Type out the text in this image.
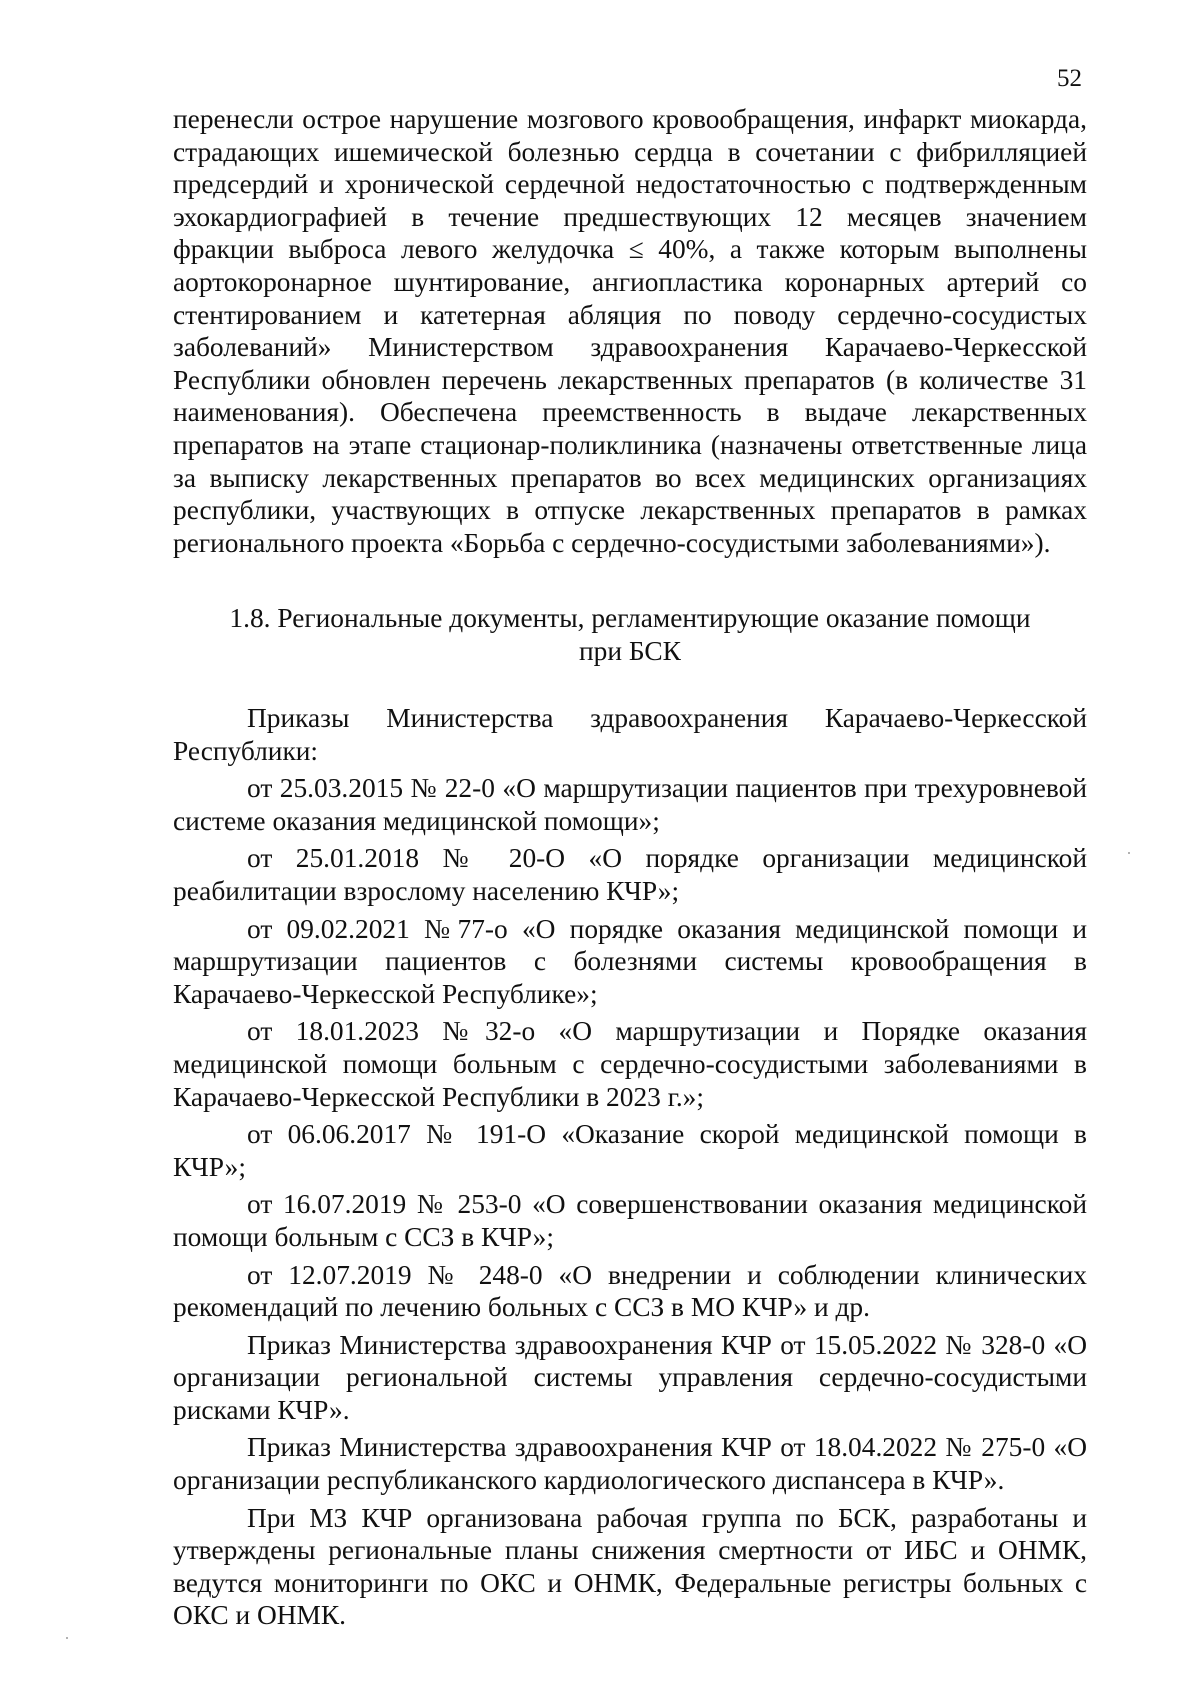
52

перенесли острое нарушение мозгового кровообращения, инфаркт миокарда, страдающих ишемической болезнью сердца в сочетании с фибрилляцией предсердий и хронической сердечной недостаточностью с подтвержденным эхокардиографией в течение предшествующих 12 месяцев значением фракции выброса левого желудочка ≤ 40%, а также которым выполнены аортокоронарное шунтирование, ангиопластика коронарных артерий со стентированием и катетерная абляция по поводу сердечно-сосудистых заболеваний» Министерством здравоохранения Карачаево-Черкесской Республики обновлен перечень лекарственных препаратов (в количестве 31 наименования). Обеспечена преемственность в выдаче лекарственных препаратов на этапе стационар-поликлиника (назначены ответственные лица за выписку лекарственных препаратов во всех медицинских организациях республики, участвующих в отпуске лекарственных препаратов в рамках регионального проекта «Борьба с сердечно-сосудистыми заболеваниями»).

1.8. Региональные документы, регламентирующие оказание помощи
при БСК

Приказы Министерства здравоохранения Карачаево-Черкесской Республики:

от 25.03.2015 № 22-0 «О маршрутизации пациентов при трехуровневой системе оказания медицинской помощи»;

от 25.01.2018 № 20-О «О порядке организации медицинской реабилитации взрослому населению КЧР»;

от 09.02.2021 №77-о «О порядке оказания медицинской помощи и маршрутизации пациентов с болезнями системы кровообращения в Карачаево-Черкесской Республике»;

от 18.01.2023 №32-о «О маршрутизации и Порядке оказания медицинской помощи больным с сердечно-сосудистыми заболеваниями в Карачаево-Черкесской Республики в 2023 г.»;

от 06.06.2017 № 191-О «Оказание скорой медицинской помощи в КЧР»;

от 16.07.2019 № 253-0 «О совершенствовании оказания медицинской помощи больным с ССЗ в КЧР»;

от 12.07.2019 № 248-0 «О внедрении и соблюдении клинических рекомендаций по лечению больных с ССЗ в МО КЧР» и др.

Приказ Министерства здравоохранения КЧР от 15.05.2022 № 328-0 «О организации региональной системы управления сердечно-сосудистыми рисками КЧР».

Приказ Министерства здравоохранения КЧР от 18.04.2022 № 275-0 «О организации республиканского кардиологического диспансера в КЧР».

При МЗ КЧР организована рабочая группа по БСК, разработаны и утверждены региональные планы снижения смертности от ИБС и ОНМК, ведутся мониторинги по ОКС и ОНМК, Федеральные регистры больных с ОКС и ОНМК.
